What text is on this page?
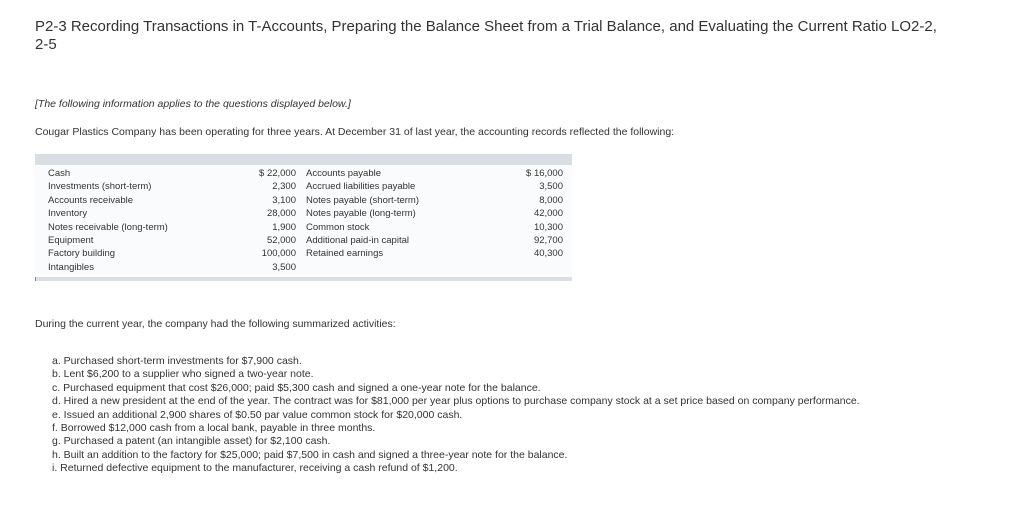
P2-3 Recording Transactions in T-Accounts, Preparing the Balance Sheet from a Trial Balance, and Evaluating the Current Ratio LO2-2,
2-5
[The following information applies to the questions displayed below.]
Cougar Plastics Company has been operating for three years. At December 31 of last year, the accounting records reflected the following:
Cash	$ 22,000	Accounts payable	$ 16,000
Investments (short-term)	2,300	Accrued liabilities payable	3,500
Accounts receivable	3,100	Notes payable (short-term)	8,000
Inventory	28,000	Notes payable (long-term)	42,000
Notes receivable (long-term)	1,900	Common stock	10,300
Equipment	52,000	Additional paid-in capital	92,700
Factory building	100,000	Retained earnings	40,300
Intangibles	3,500
During the current year, the company had the following summarized activities:
a. Purchased short-term investments for $7,900 cash.
b. Lent $6,200 to a supplier who signed a two-year note.
c. Purchased equipment that cost $26,000; paid $5,300 cash and signed a one-year note for the balance.
d. Hired a new president at the end of the year. The contract was for $81,000 per year plus options to purchase company stock at a set price based on company performance.
e. Issued an additional 2,900 shares of $0.50 par value common stock for $20,000 cash.
f. Borrowed $12,000 cash from a local bank, payable in three months.
g. Purchased a patent (an intangible asset) for $2,100 cash.
h. Built an addition to the factory for $25,000; paid $7,500 in cash and signed a three-year note for the balance.
i. Returned defective equipment to the manufacturer, receiving a cash refund of $1,200.
